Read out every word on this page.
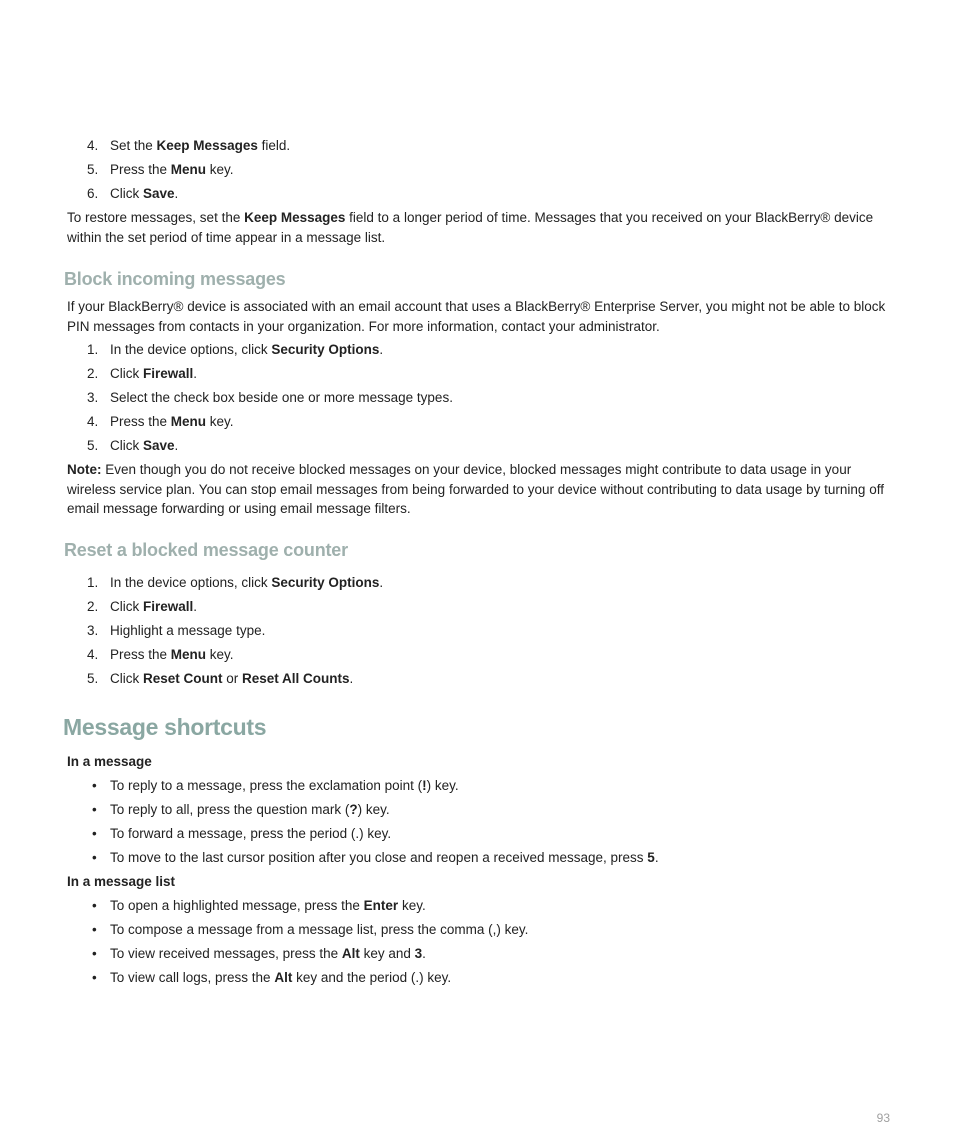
4. Set the Keep Messages field.
5. Press the Menu key.
6. Click Save.

To restore messages, set the Keep Messages field to a longer period of time. Messages that you received on your BlackBerry® device within the set period of time appear in a message list.

Block incoming messages

If your BlackBerry® device is associated with an email account that uses a BlackBerry® Enterprise Server, you might not be able to block PIN messages from contacts in your organization. For more information, contact your administrator.

1. In the device options, click Security Options.
2. Click Firewall.
3. Select the check box beside one or more message types.
4. Press the Menu key.
5. Click Save.

Note: Even though you do not receive blocked messages on your device, blocked messages might contribute to data usage in your wireless service plan. You can stop email messages from being forwarded to your device without contributing to data usage by turning off email message forwarding or using email message filters.

Reset a blocked message counter
1. In the device options, click Security Options.
2. Click Firewall.
3. Highlight a message type.
4. Press the Menu key.
5. Click Reset Count or Reset All Counts.
Message shortcuts

In a message

• To reply to a message, press the exclamation point (!) key.
• To reply to all, press the question mark (?) key.
• To forward a message, press the period (.) key.
• To move to the last cursor position after you close and reopen a received message, press 5.

In a message list

• To open a highlighted message, press the Enter key.
• To compose a message from a message list, press the comma (,) key.
• To view received messages, press the Alt key and 3.
• To view call logs, press the Alt key and the period (.) key.
93
